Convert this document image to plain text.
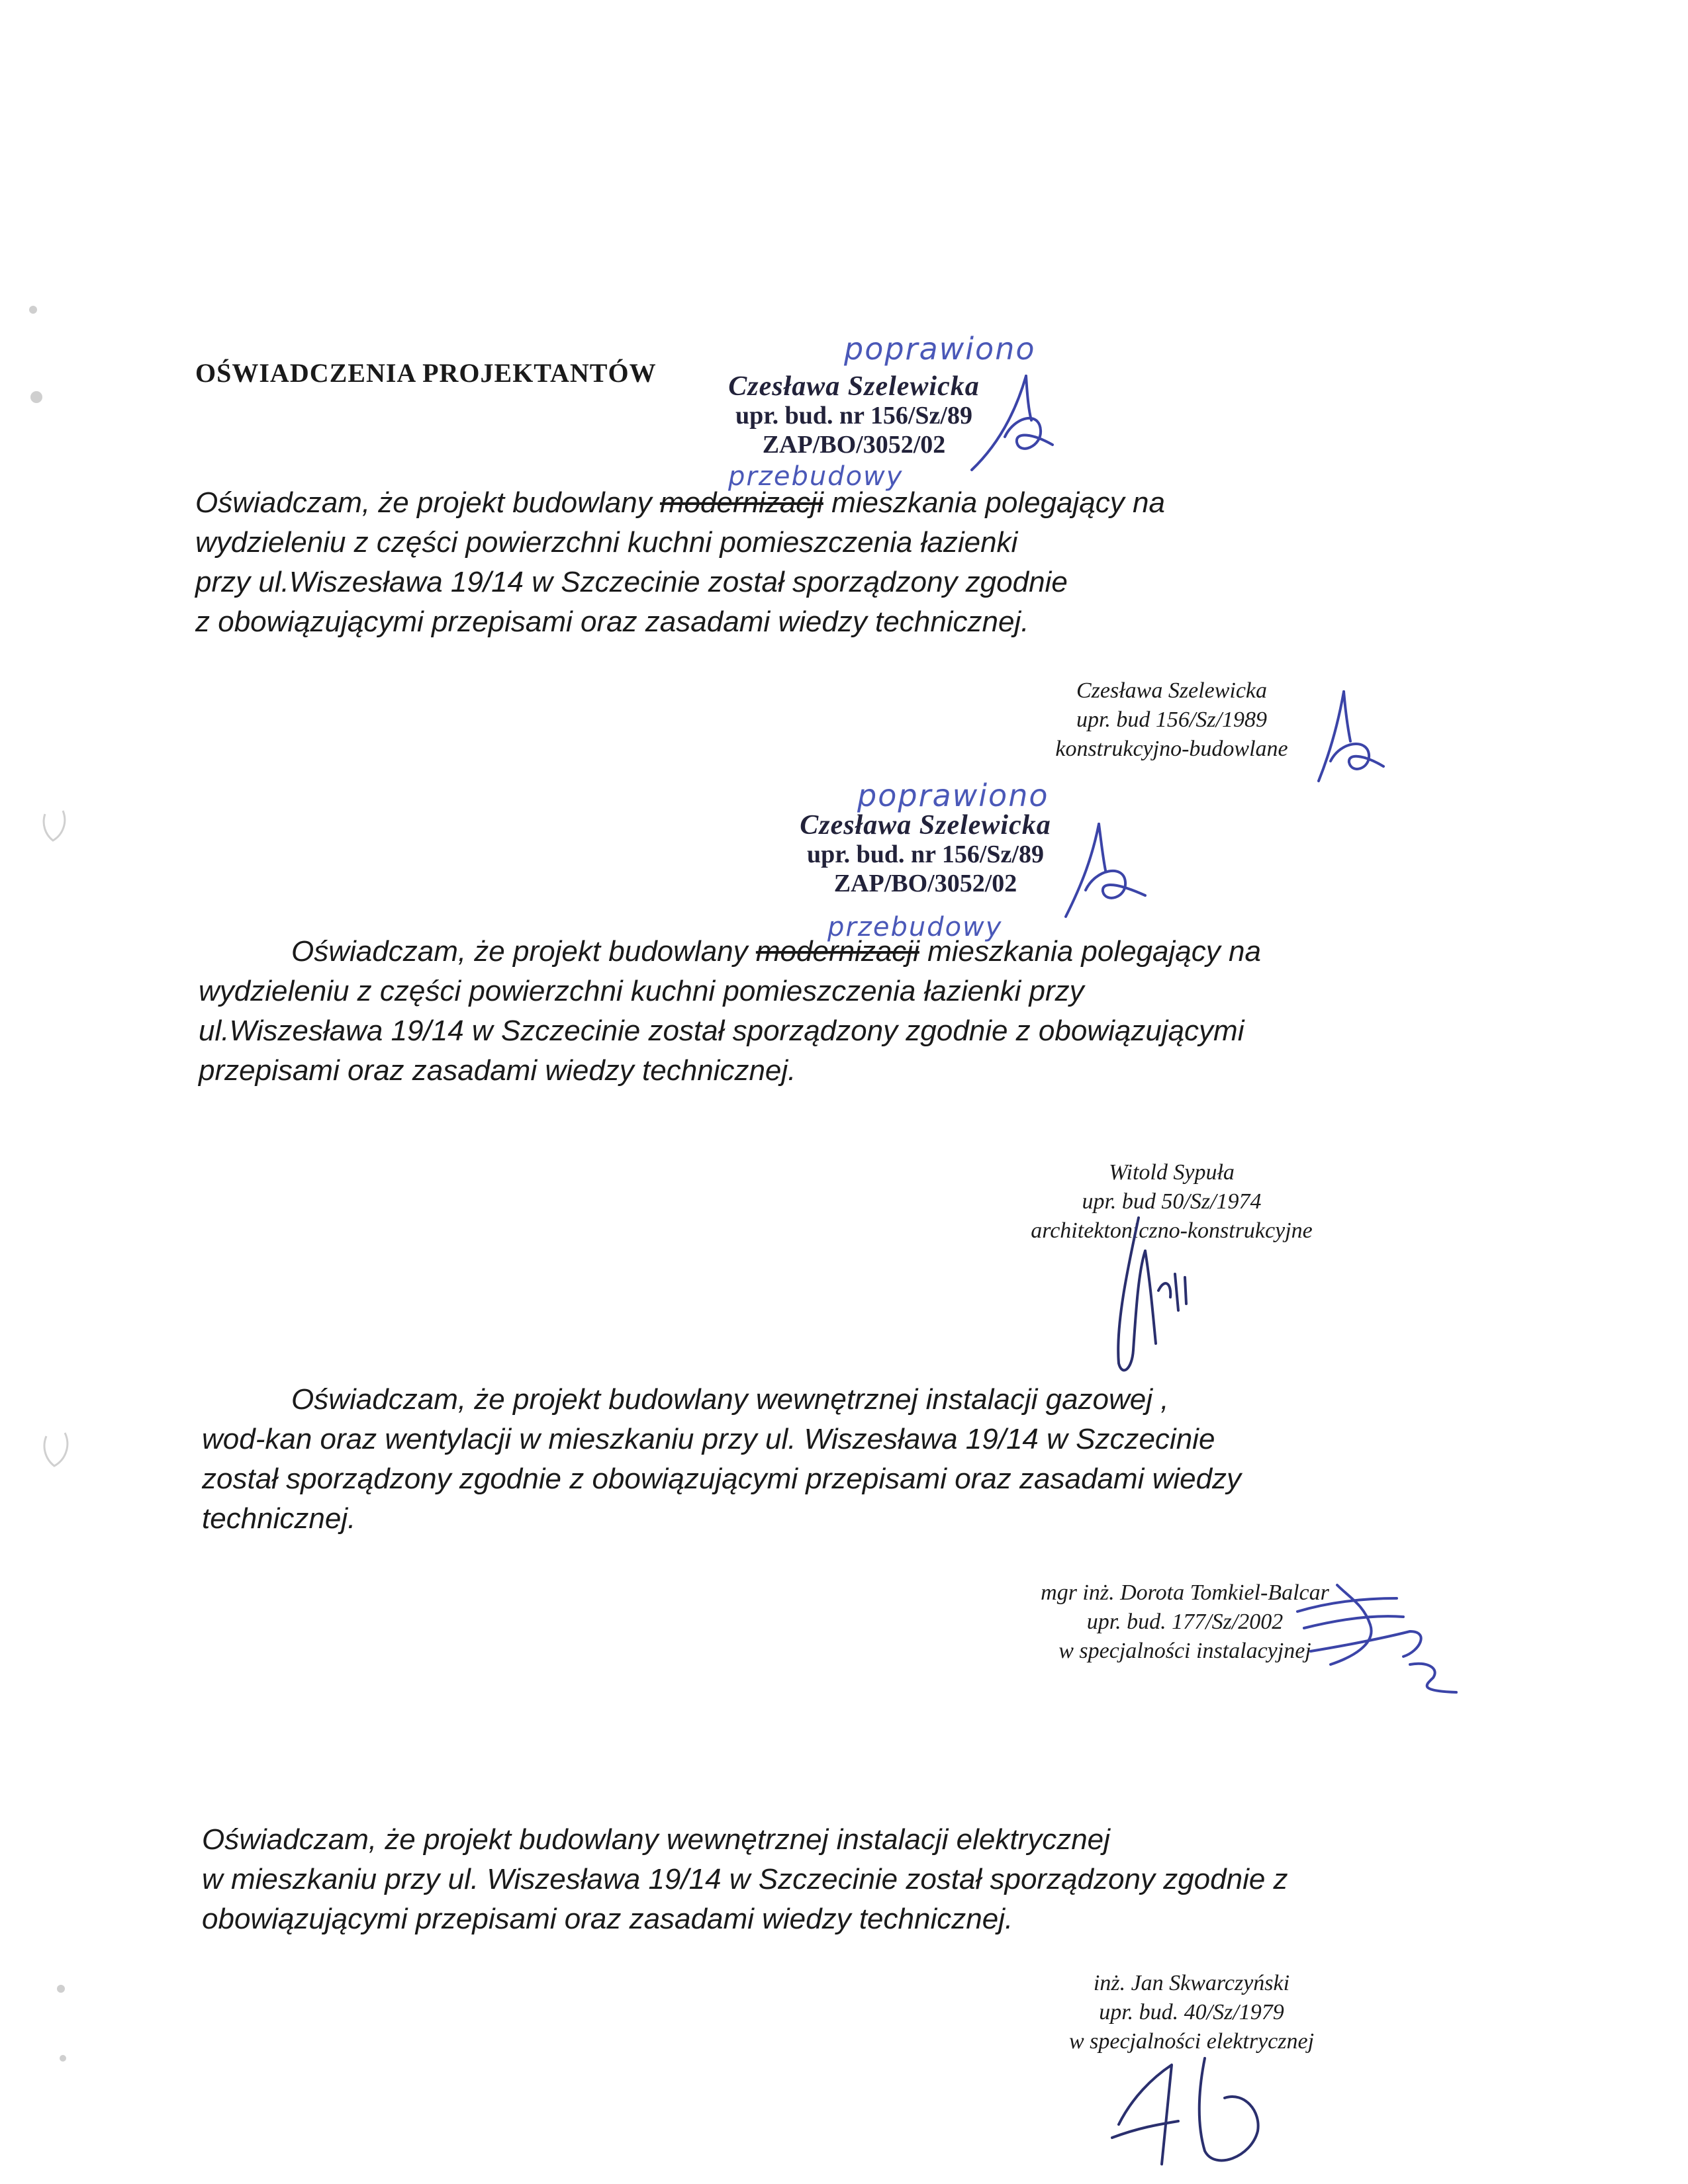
OŚWIADCZENIA PROJEKTANTÓW
poprawiono
Czesława Szelewicka
upr. bud. nr 156/Sz/89
ZAP/BO/3052/02
przebudowy

Oświadczam, że projekt budowlany modernizacji mieszkania polegający na
wydzieleniu z części powierzchni kuchni pomieszczenia łazienki
przy ul.Wiszesława 19/14 w Szczecinie został sporządzony zgodnie
z obowiązującymi przepisami oraz zasadami wiedzy technicznej.

Czesława Szelewicka
upr. bud 156/Sz/1989
konstrukcyjno-budowlane
poprawiono
Czesława Szelewicka
upr. bud. nr 156/Sz/89
ZAP/BO/3052/02
przebudowy

Oświadczam, że projekt budowlany modernizacji mieszkania polegający na
wydzieleniu z części powierzchni kuchni pomieszczenia łazienki przy
ul.Wiszesława 19/14 w Szczecinie został sporządzony zgodnie z obowiązującymi
przepisami oraz zasadami wiedzy technicznej.

Witold Sypuła
upr. bud 50/Sz/1974
architektoniczno-konstrukcyjne

Oświadczam, że projekt budowlany wewnętrznej instalacji gazowej ,
wod-kan oraz wentylacji w mieszkaniu przy ul. Wiszesława 19/14 w Szczecinie
został sporządzony zgodnie z obowiązującymi przepisami oraz zasadami wiedzy
technicznej.

mgr inż. Dorota Tomkiel-Balcar
upr. bud. 177/Sz/2002
w specjalności instalacyjnej

Oświadczam, że projekt budowlany wewnętrznej instalacji elektrycznej
w mieszkaniu przy ul. Wiszesława 19/14 w Szczecinie został sporządzony zgodnie z
obowiązującymi przepisami oraz zasadami wiedzy technicznej.

inż. Jan Skwarczyński
upr. bud. 40/Sz/1979
w specjalności elektrycznej
